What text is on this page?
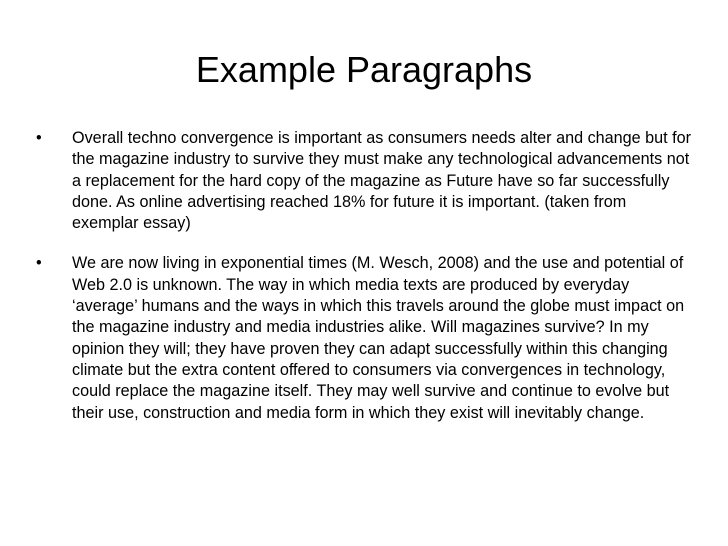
Example Paragraphs
•	Overall techno convergence is important as consumers needs alter and change but for the magazine industry to survive they must make any technological advancements not a replacement for the hard copy of the magazine as Future have so far successfully done. As online advertising reached 18% for future it is important. (taken from exemplar essay)
•	We are now living in exponential times (M. Wesch, 2008) and the use and potential of Web 2.0 is unknown. The way in which media texts are produced by everyday ‘average’ humans and the ways in which this travels around the globe must impact on the magazine industry and media industries alike. Will magazines survive? In my opinion they will; they have proven they can adapt successfully within this changing climate but the extra content offered to consumers via convergences in technology, could replace the magazine itself. They may well survive and continue to evolve but their use, construction and media form in which they exist will inevitably change.
